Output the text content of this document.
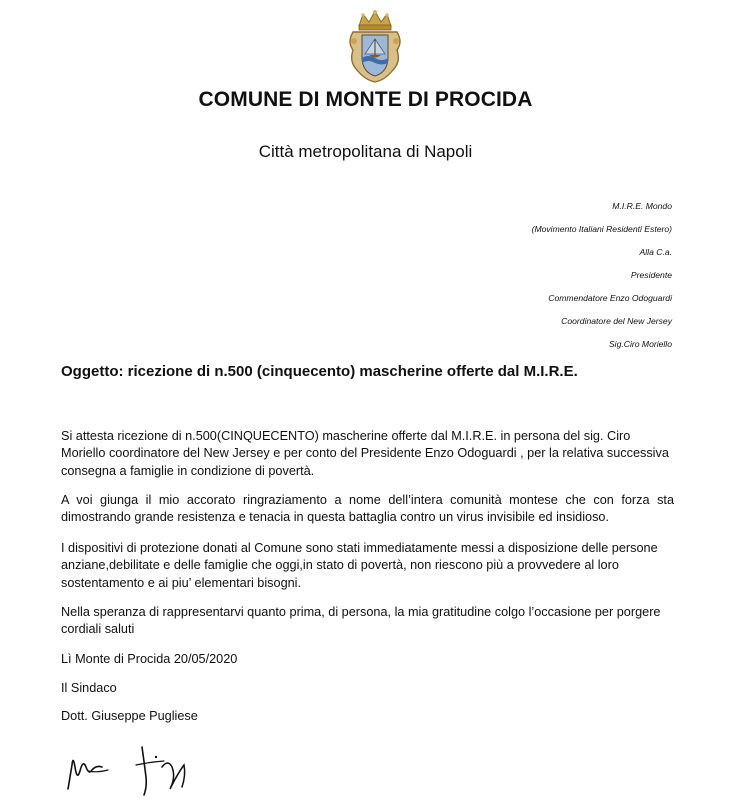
COMUNE DI MONTE DI PROCIDA
Città metropolitana di Napoli
M.I.R.E. Mondo
(Movimento Italiani Residenti Estero)
Alla C.a.
Presidente
Commendatore Enzo Odoguardi
Coordinatore del New Jersey
Sig.Ciro Moriello
Oggetto: ricezione di n.500 (cinquecento) mascherine offerte dal M.I.R.E.
Si attesta ricezione di n.500(CINQUECENTO) mascherine offerte dal M.I.R.E. in persona del sig. Ciro Moriello coordinatore del New Jersey e per conto del Presidente Enzo Odoguardi , per la relativa successiva consegna a famiglie in condizione di povertà.
A voi giunga il mio accorato ringraziamento a nome dell’intera comunità montese che con forza sta dimostrando grande resistenza e tenacia in questa battaglia contro un virus invisibile ed insidioso.
I dispositivi di protezione donati al Comune sono stati immediatamente messi a disposizione delle persone anziane,debilitate e delle famiglie che oggi,in stato di povertà, non riescono più a provvedere al loro sostentamento e ai piu’ elementari bisogni.
Nella speranza di rappresentarvi quanto prima, di persona, la mia gratitudine colgo l’occasione per porgere cordiali saluti
Lì Monte di Procida 20/05/2020
Il Sindaco
Dott. Giuseppe Pugliese
